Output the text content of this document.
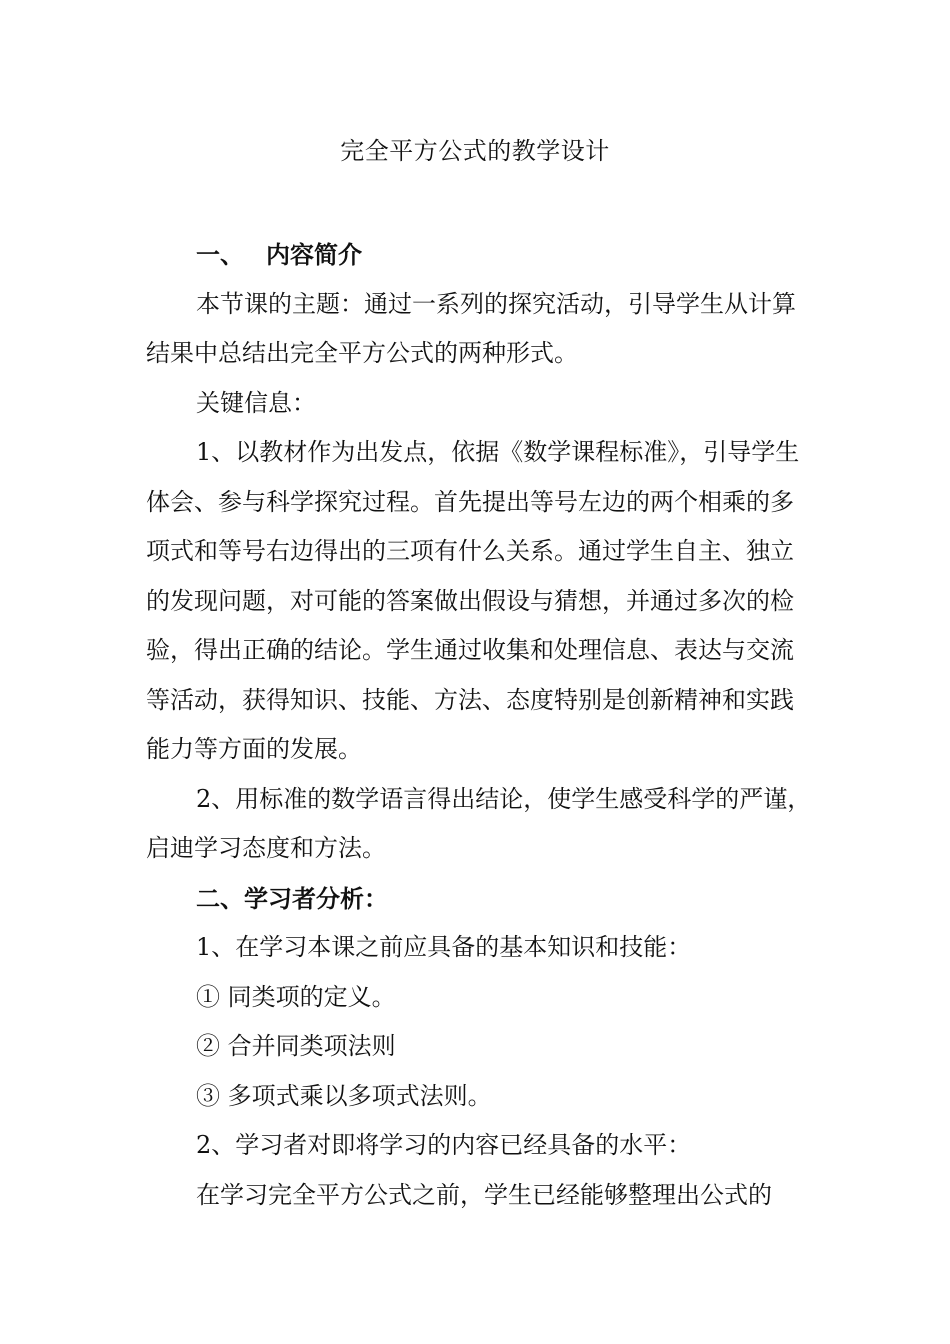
完全平方公式的教学设计

一、 内容简介

本节课的主题：通过一系列的探究活动，引导学生从计算结果中总结出完全平方公式的两种形式。

关键信息：

1、以教材作为出发点，依据《数学课程标准》，引导学生体会、参与科学探究过程。首先提出等号左边的两个相乘的多项式和等号右边得出的三项有什么关系。通过学生自主、独立的发现问题，对可能的答案做出假设与猜想，并通过多次的检验，得出正确的结论。学生通过收集和处理信息、表达与交流等活动，获得知识、技能、方法、态度特别是创新精神和实践能力等方面的发展。

2、用标准的数学语言得出结论，使学生感受科学的严谨，启迪学习态度和方法。

二、学习者分析：

1、在学习本课之前应具备的基本知识和技能：

① 同类项的定义。

② 合并同类项法则

③ 多项式乘以多项式法则。

2、学习者对即将学习的内容已经具备的水平：

在学习完全平方公式之前，学生已经能够整理出公式的
